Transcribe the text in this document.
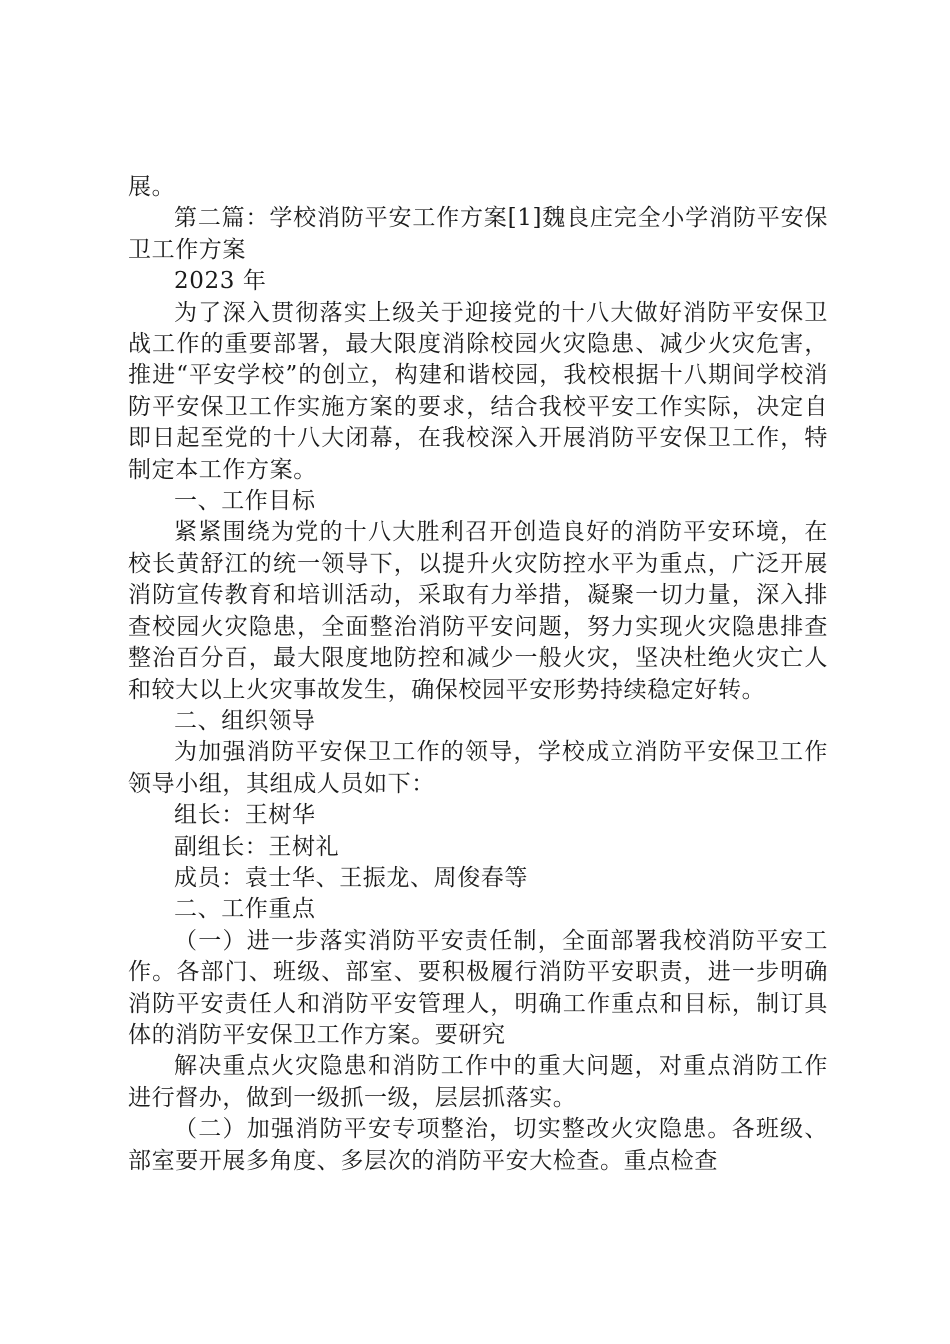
展。

第二篇：学校消防平安工作方案[1]魏良庄完全小学消防平安保卫工作方案

2023 年

为了深入贯彻落实上级关于迎接党的十八大做好消防平安保卫战工作的重要部署，最大限度消除校园火灾隐患、减少火灾危害，推进“平安学校”的创立，构建和谐校园，我校根据十八期间学校消防平安保卫工作实施方案的要求，结合我校平安工作实际，决定自即日起至党的十八大闭幕，在我校深入开展消防平安保卫工作，特制定本工作方案。

一、工作目标

紧紧围绕为党的十八大胜利召开创造良好的消防平安环境，在校长黄舒江的统一领导下，以提升火灾防控水平为重点，广泛开展消防宣传教育和培训活动，采取有力举措，凝聚一切力量，深入排查校园火灾隐患，全面整治消防平安问题，努力实现火灾隐患排查整治百分百，最大限度地防控和减少一般火灾，坚决杜绝火灾亡人和较大以上火灾事故发生，确保校园平安形势持续稳定好转。

二、组织领导

为加强消防平安保卫工作的领导，学校成立消防平安保卫工作领导小组，其组成人员如下：

组长：王树华

副组长：王树礼

成员：袁士华、王振龙、周俊春等

二、工作重点

（一）进一步落实消防平安责任制，全面部署我校消防平安工作。各部门、班级、部室、要积极履行消防平安职责，进一步明确消防平安责任人和消防平安管理人，明确工作重点和目标，制订具体的消防平安保卫工作方案。要研究

解决重点火灾隐患和消防工作中的重大问题，对重点消防工作进行督办，做到一级抓一级，层层抓落实。

（二）加强消防平安专项整治，切实整改火灾隐患。各班级、部室要开展多角度、多层次的消防平安大检查。重点检查
